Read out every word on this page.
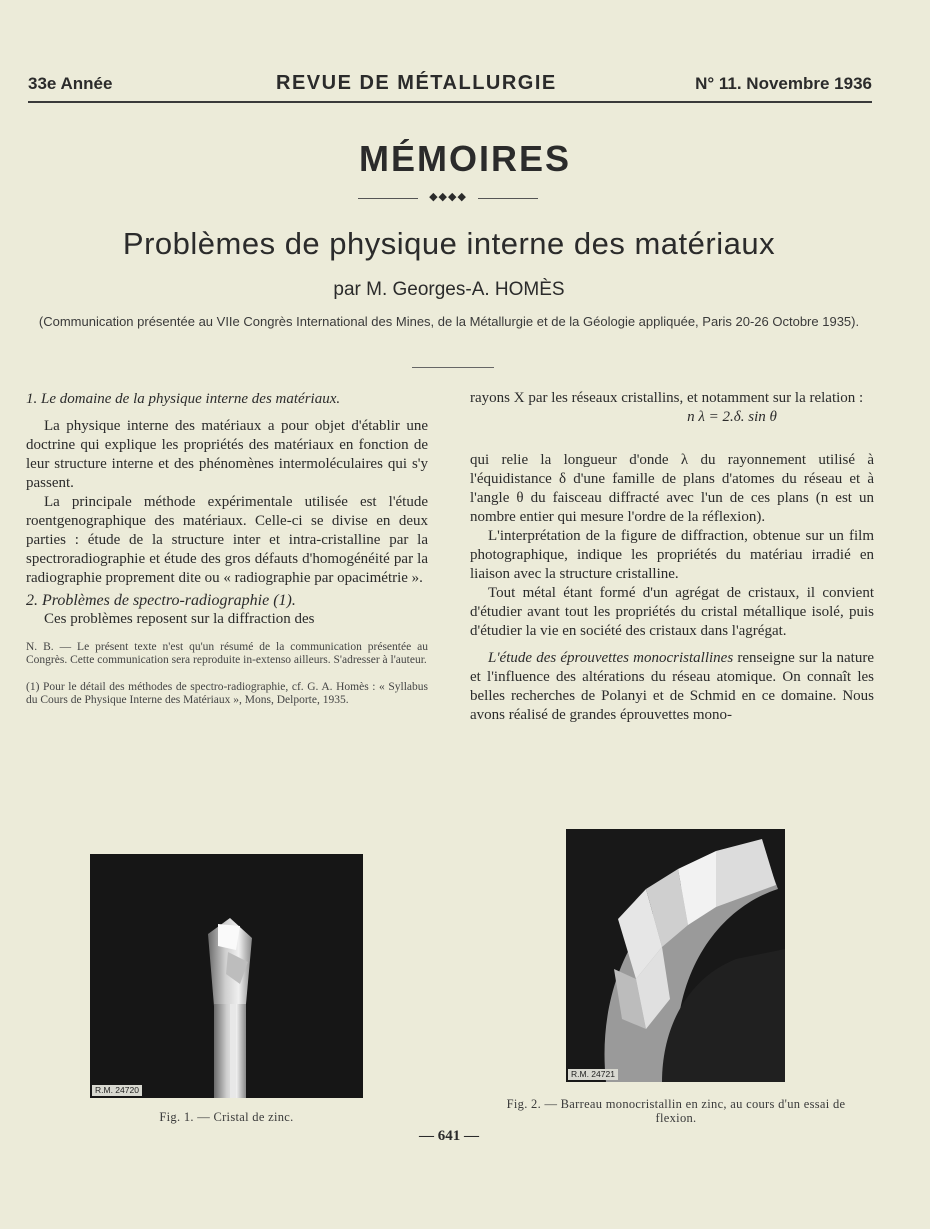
33e Année	REVUE DE MÉTALLURGIE	N° 11. Novembre 1936
MÉMOIRES
◆◆◆◆
Problèmes de physique interne des matériaux
par M. Georges-A. HOMÈS
(Communication présentée au VIIe Congrès International des Mines, de la Métallurgie et de la Géologie appliquée, Paris 20-26 Octobre 1935).

1. Le domaine de la physique interne des matériaux.

La physique interne des matériaux a pour objet d'établir une doctrine qui explique les propriétés des matériaux en fonction de leur structure interne et des phénomènes intermoléculaires qui s'y passent.

La principale méthode expérimentale utilisée est l'étude roentgenographique des matériaux. Celle-ci se divise en deux parties : étude de la structure inter et intra-cristalline par la spectroradiographie et étude des gros défauts d'homogénéité par la radiographie proprement dite ou « radiographie par opacimétrie ».

2. Problèmes de spectro-radiographie (1).

Ces problèmes reposent sur la diffraction des

N. B. — Le présent texte n'est qu'un résumé de la communication présentée au Congrès. Cette communication sera reproduite in-extenso ailleurs. S'adresser à l'auteur.

(1) Pour le détail des méthodes de spectro-radiographie, cf. G. A. Homès : « Syllabus du Cours de Physique Interne des Matériaux », Mons, Delporte, 1935.

rayons X par les réseaux cristallins, et notamment sur la relation :

n λ = 2.δ. sin θ

qui relie la longueur d'onde λ du rayonnement utilisé à l'équidistance δ d'une famille de plans d'atomes du réseau et à l'angle θ du faisceau diffracté avec l'un de ces plans (n est un nombre entier qui mesure l'ordre de la réflexion).

L'interprétation de la figure de diffraction, obtenue sur un film photographique, indique les propriétés du matériau irradié en liaison avec la structure cristalline.

Tout métal étant formé d'un agrégat de cristaux, il convient d'étudier avant tout les propriétés du cristal métallique isolé, puis d'étudier la vie en société des cristaux dans l'agrégat.

L'étude des éprouvettes monocristallines renseigne sur la nature et l'influence des altérations du réseau atomique. On connaît les belles recherches de Polanyi et de Schmid en ce domaine. Nous avons réalisé de grandes éprouvettes mono-

R.M. 24720
Fig. 1. — Cristal de zinc.
R.M. 24721
Fig. 2. — Barreau monocristallin en zinc, au cours d'un essai de flexion.
— 641 —
